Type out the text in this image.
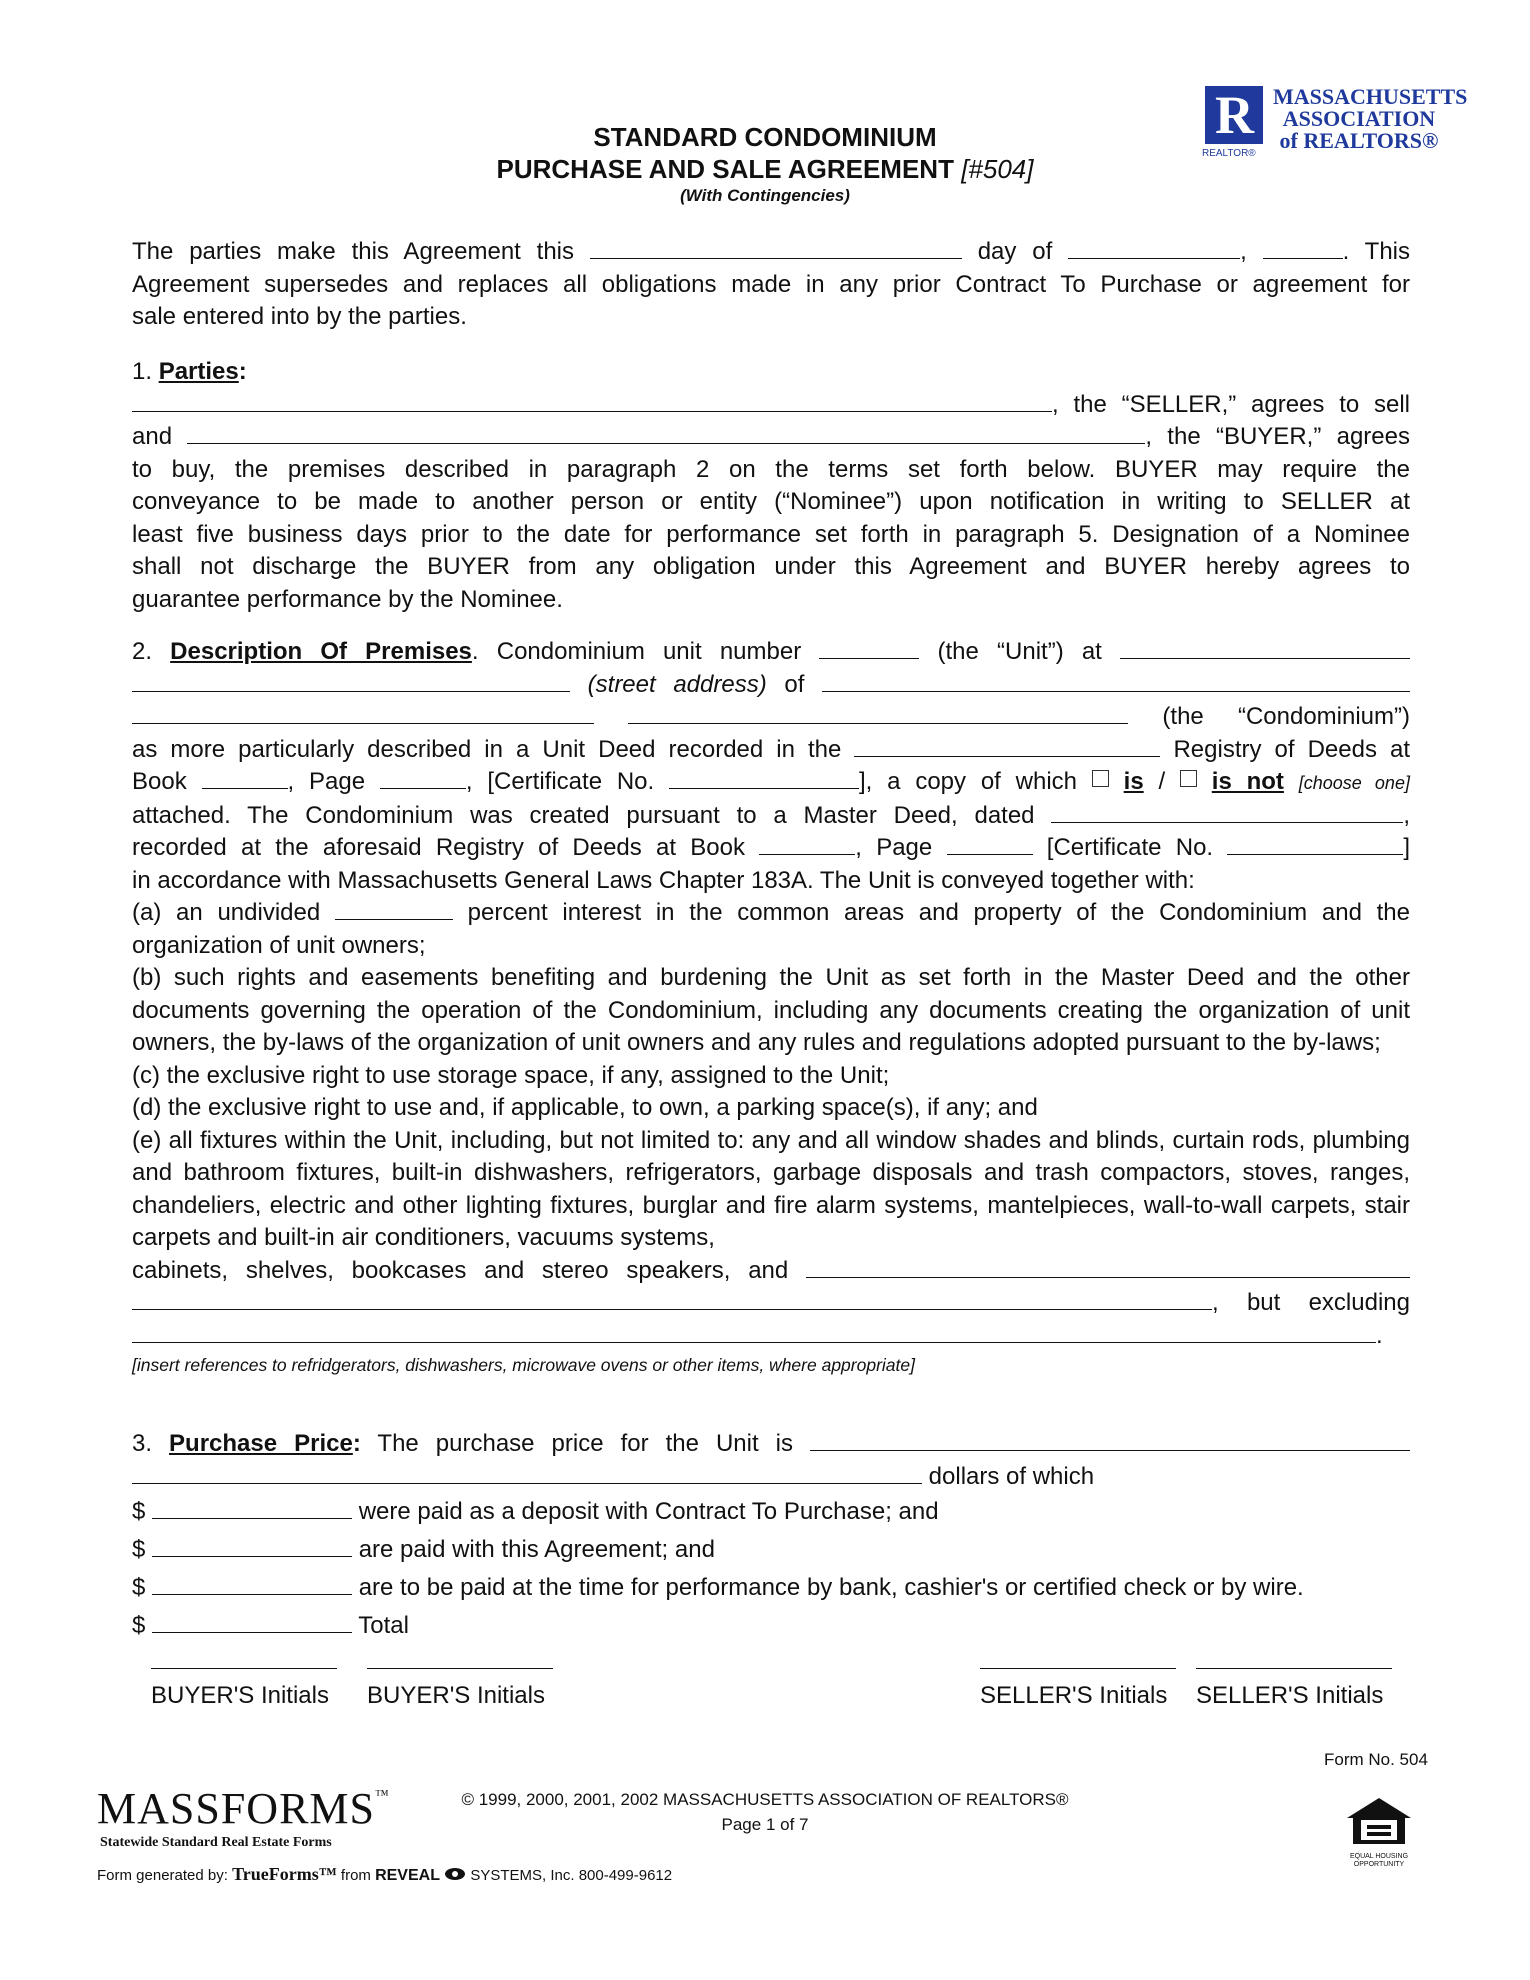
STANDARD CONDOMINIUM
PURCHASE AND SALE AGREEMENT [#504]
(With Contingencies)
R
REALTOR®
MASSACHUSETTS
ASSOCIATION
of REALTORS®

The parties make this Agreement this	day of	,	. This

Agreement supersedes and replaces all obligations made in any prior Contract To Purchase or agreement for

sale entered into by the parties.

1. Parties:

, the “SELLER,” agrees to sell

and	, the “BUYER,” agrees

to buy, the premises described in paragraph 2 on the terms set forth below. BUYER may require the

conveyance to be made to another person or entity (“Nominee”) upon notification in writing to SELLER at

least five business days prior to the date for performance set forth in paragraph 5. Designation of a Nominee

shall not discharge the BUYER from any obligation under this Agreement and BUYER hereby agrees to

guarantee performance by the Nominee.

2. Description Of Premises. Condominium unit number	(the “Unit”) at

(street address) of

(the “Condominium”)

as more particularly described in a Unit Deed recorded in the	Registry of Deeds at

Book	, Page	, [Certificate No.	], a copy of which is / is not [choose one]

attached. The Condominium was created pursuant to a Master Deed, dated	,

recorded at the aforesaid Registry of Deeds at Book	, Page	[Certificate No.	]

in accordance with Massachusetts General Laws Chapter 183A. The Unit is conveyed together with:

(a) an undivided	percent interest in the common areas and property of the Condominium and the

organization of unit owners;

(b) such rights and easements benefiting and burdening the Unit as set forth in the Master Deed and the other documents governing the operation of the Condominium, including any documents creating the organization of unit owners, the by-laws of the organization of unit owners and any rules and regulations adopted pursuant to the by-laws;

(c) the exclusive right to use storage space, if any, assigned to the Unit;

(d) the exclusive right to use and, if applicable, to own, a parking space(s), if any; and

(e) all fixtures within the Unit, including, but not limited to: any and all window shades and blinds, curtain rods, plumbing and bathroom fixtures, built-in dishwashers, refrigerators, garbage disposals and trash compactors, stoves, ranges, chandeliers, electric and other lighting fixtures, burglar and fire alarm systems, mantelpieces, wall-to-wall carpets, stair carpets and built-in air conditioners, vacuums systems,

cabinets, shelves, bookcases and stereo speakers, and

, but excluding

.

[insert references to refridgerators, dishwashers, microwave ovens or other items, where appropriate]

3. Purchase Price: The purchase price for the Unit is

dollars of which

$	were paid as a deposit with Contract To Purchase; and

$	are paid with this Agreement; and

$	are to be paid at the time for performance by bank, cashier's or certified check or by wire.

$	Total

BUYER'S Initials	BUYER'S Initials	SELLER'S Initials	SELLER'S Initials
Form No. 504
© 1999, 2000, 2001, 2002 MASSACHUSETTS ASSOCIATION OF REALTORS®
Page 1 of 7
MASSFORMS™
Statewide Standard Real Estate Forms
Form generated by: TrueForms™ from REVEAL SYSTEMS, Inc. 800-499-9612
EQUAL HOUSING OPPORTUNITY
